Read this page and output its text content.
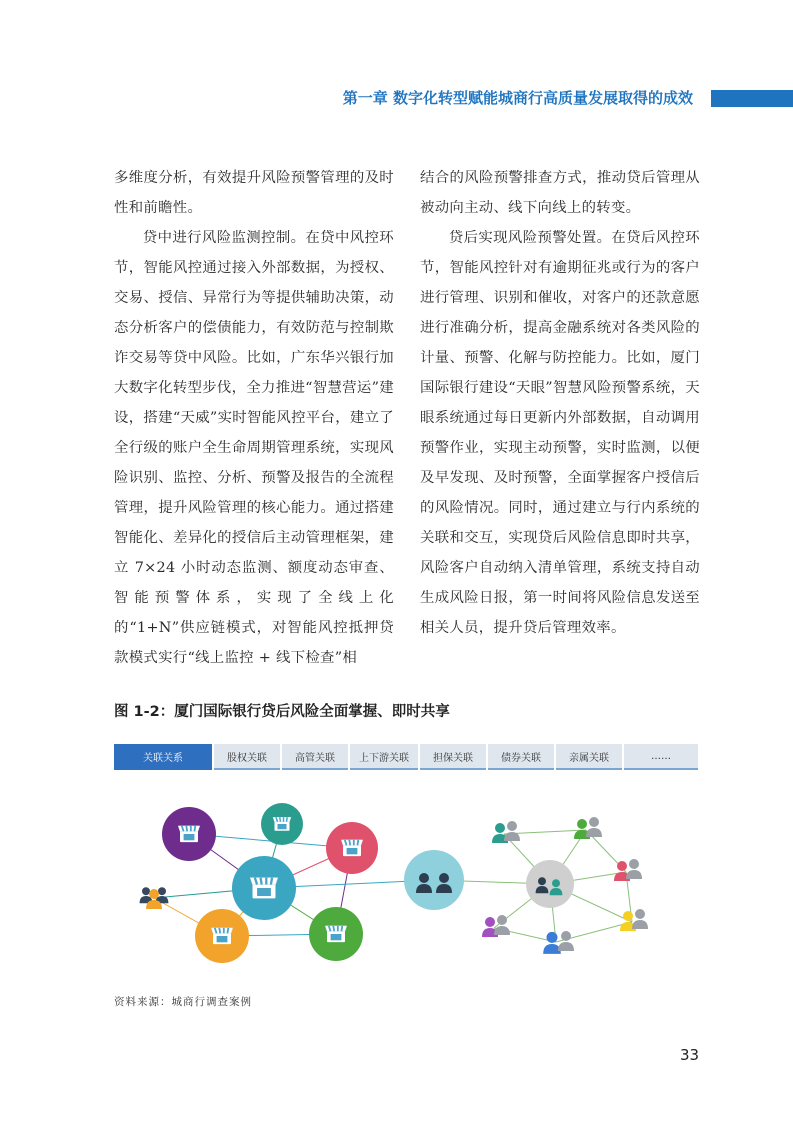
第一章 数字化转型赋能城商行高质量发展取得的成效

多维度分析，有效提升风险预警管理的及时性和前瞻性。

贷中进行风险监测控制。在贷中风控环节，智能风控通过接入外部数据，为授权、交易、授信、异常行为等提供辅助决策，动态分析客户的偿债能力，有效防范与控制欺诈交易等贷中风险。比如，广东华兴银行加大数字化转型步伐，全力推进“智慧营运”建设，搭建“天威”实时智能风控平台，建立了全行级的账户全生命周期管理系统，实现风险识别、监控、分析、预警及报告的全流程管理，提升风险管理的核心能力。通过搭建智能化、差异化的授信后主动管理框架，建立 7×24 小时动态监测、额度动态审查、智能预警体系，实现了全线上化的“1+N”供应链模式，对智能风控抵押贷款模式实行“线上监控 + 线下检查”相

结合的风险预警排查方式，推动贷后管理从被动向主动、线下向线上的转变。

贷后实现风险预警处置。在贷后风控环节，智能风控针对有逾期征兆或行为的客户进行管理、识别和催收，对客户的还款意愿进行准确分析，提高金融系统对各类风险的计量、预警、化解与防控能力。比如，厦门国际银行建设“天眼”智慧风险预警系统，天眼系统通过每日更新内外部数据，自动调用预警作业，实现主动预警，实时监测，以便及早发现、及时预警，全面掌握客户授信后的风险情况。同时，通过建立与行内系统的关联和交互，实现贷后风险信息即时共享，风险客户自动纳入清单管理，系统支持自动生成风险日报，第一时间将风险信息发送至相关人员，提升贷后管理效率。

图 1-2：厦门国际银行贷后风险全面掌握、即时共享
关联关系	股权关联	高管关联	上下游关联	担保关联	债券关联	亲属关联	……
资料来源：城商行调查案例
33
